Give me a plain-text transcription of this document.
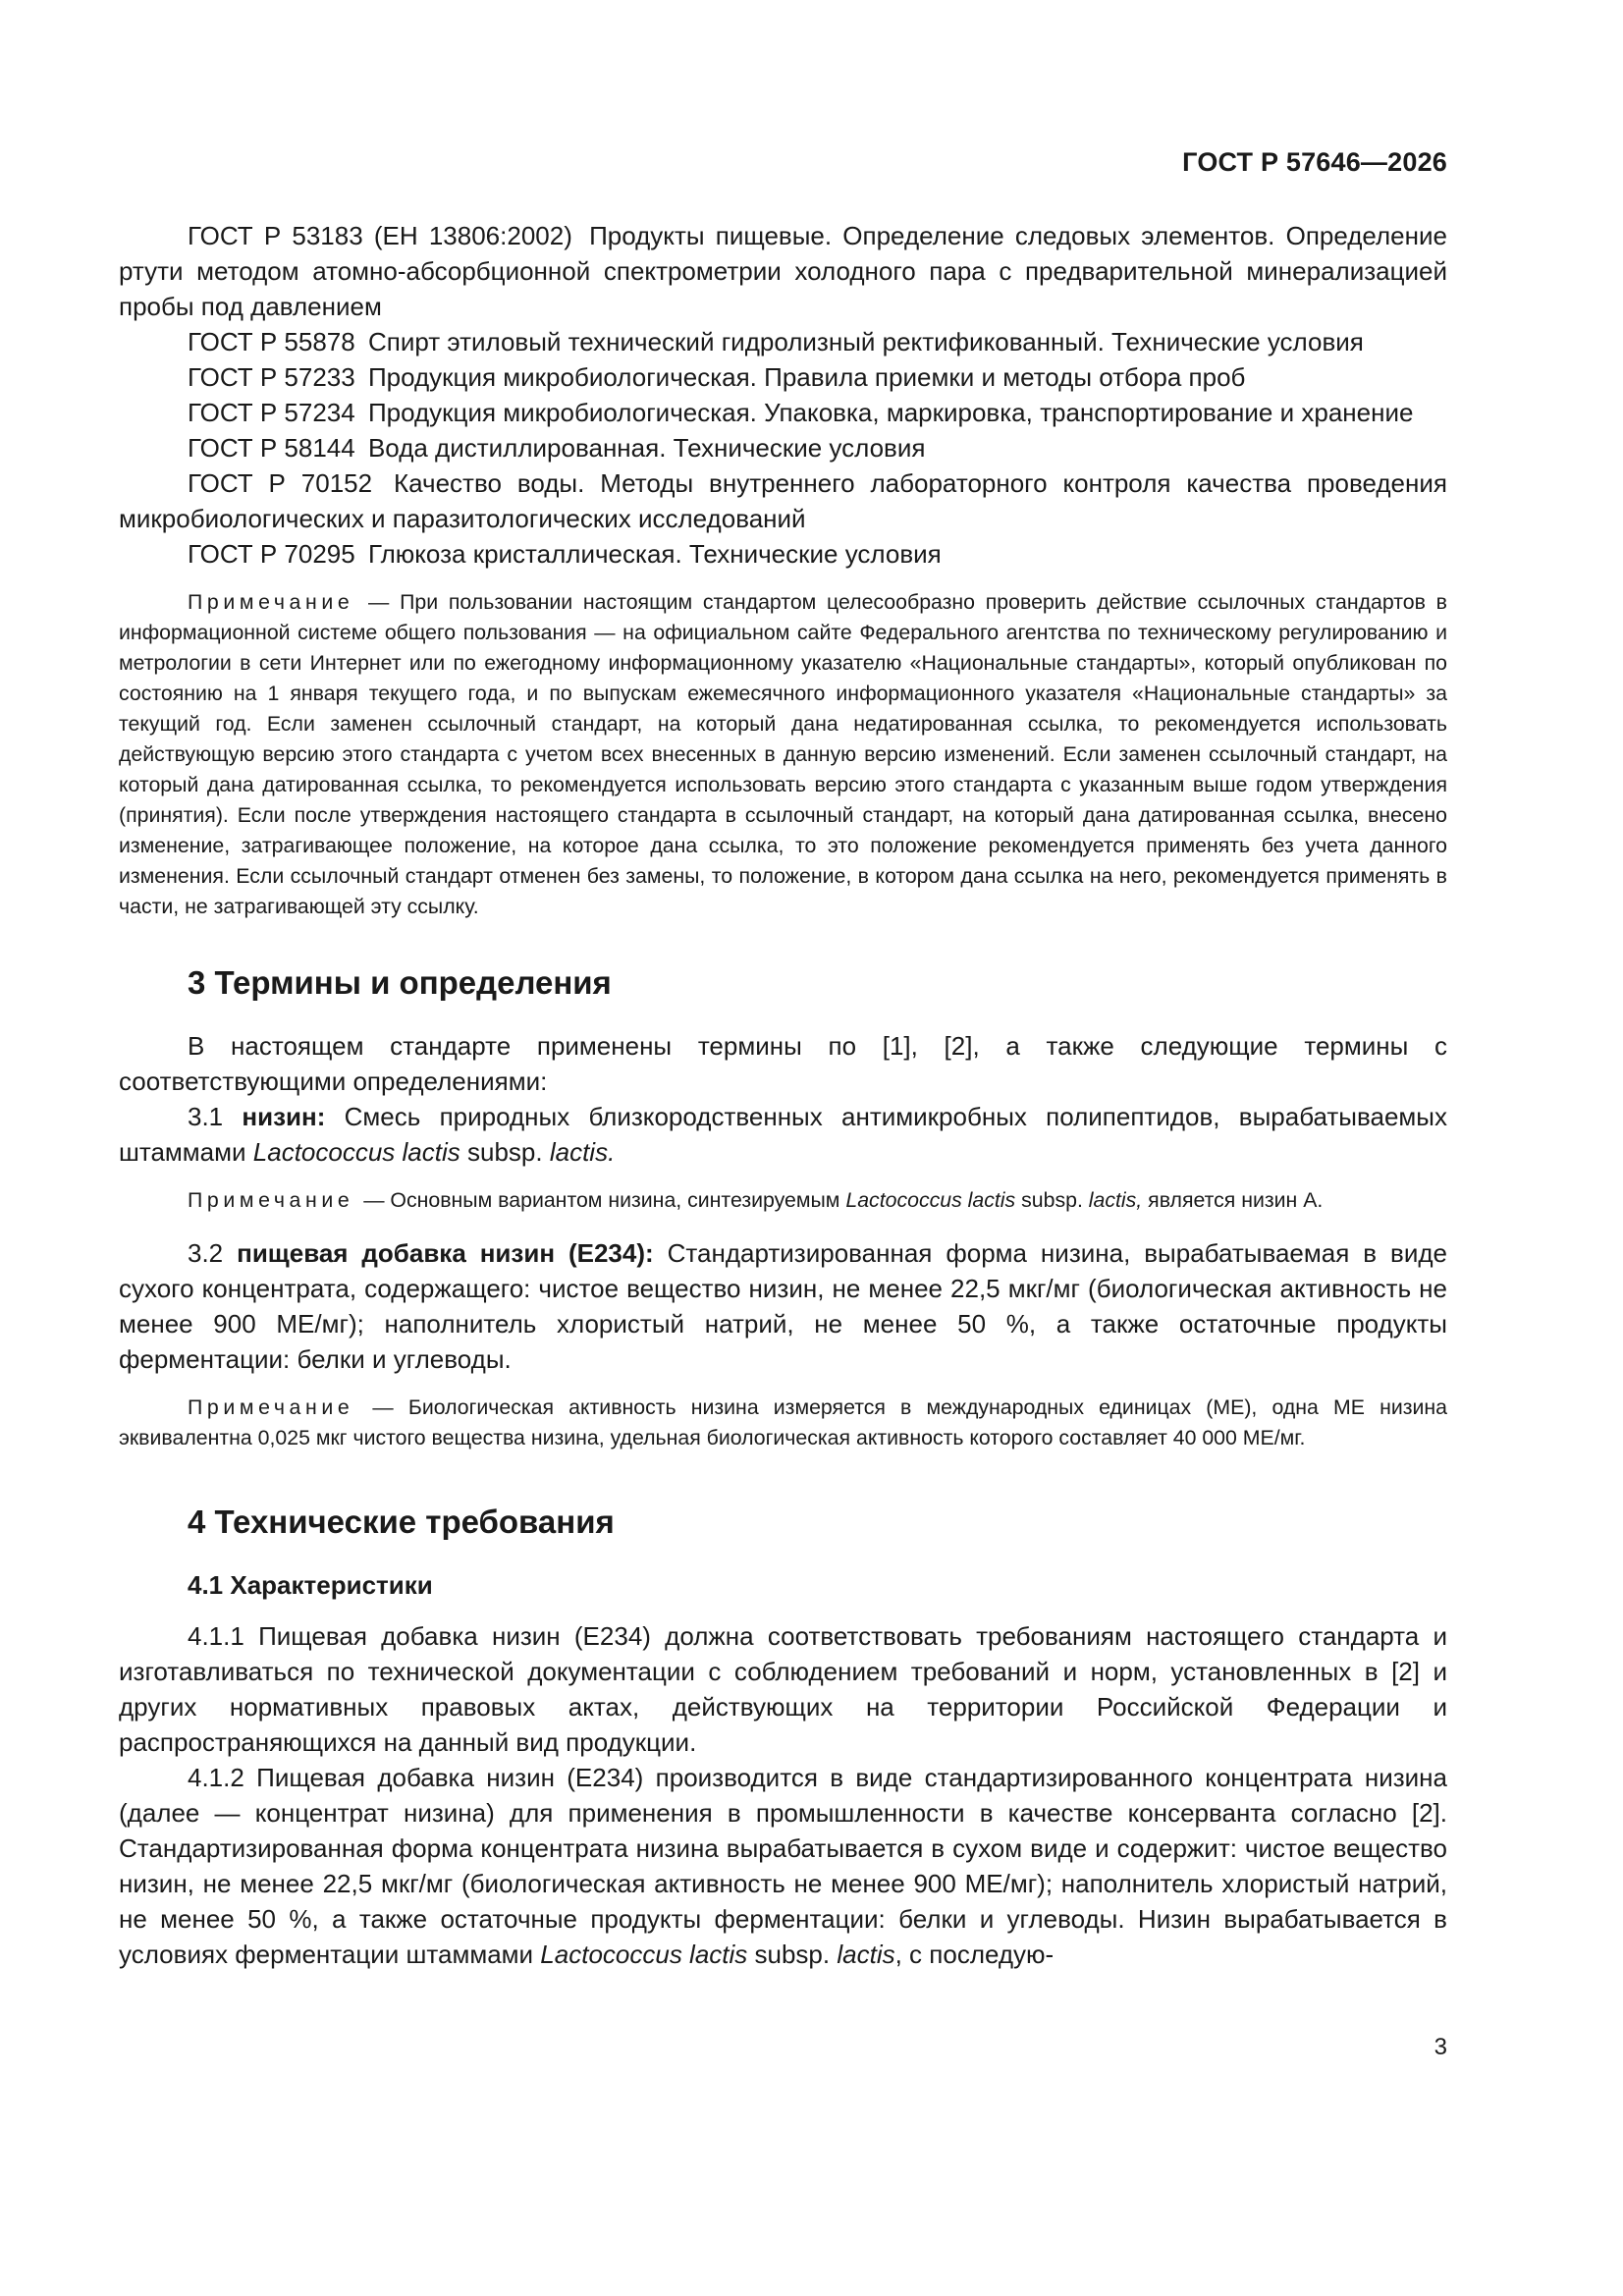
ГОСТ Р 57646—2026

ГОСТ Р 53183 (ЕН 13806:2002) Продукты пищевые. Определение следовых элементов. Определение ртути методом атомно-абсорбционной спектрометрии холодного пара с предварительной минерализацией пробы под давлением

ГОСТ Р 55878 Спирт этиловый технический гидролизный ректификованный. Технические условия

ГОСТ Р 57233 Продукция микробиологическая. Правила приемки и методы отбора проб

ГОСТ Р 57234 Продукция микробиологическая. Упаковка, маркировка, транспортирование и хранение

ГОСТ Р 58144 Вода дистиллированная. Технические условия

ГОСТ Р 70152 Качество воды. Методы внутреннего лабораторного контроля качества проведения микробиологических и паразитологических исследований

ГОСТ Р 70295 Глюкоза кристаллическая. Технические условия

Примечание — При пользовании настоящим стандартом целесообразно проверить действие ссылочных стандартов в информационной системе общего пользования — на официальном сайте Федерального агентства по техническому регулированию и метрологии в сети Интернет или по ежегодному информационному указателю «Национальные стандарты», который опубликован по состоянию на 1 января текущего года, и по выпускам ежемесячного информационного указателя «Национальные стандарты» за текущий год. Если заменен ссылочный стандарт, на который дана недатированная ссылка, то рекомендуется использовать действующую версию этого стандарта с учетом всех внесенных в данную версию изменений. Если заменен ссылочный стандарт, на который дана датированная ссылка, то рекомендуется использовать версию этого стандарта с указанным выше годом утверждения (принятия). Если после утверждения настоящего стандарта в ссылочный стандарт, на который дана датированная ссылка, внесено изменение, затрагивающее положение, на которое дана ссылка, то это положение рекомендуется применять без учета данного изменения. Если ссылочный стандарт отменен без замены, то положение, в котором дана ссылка на него, рекомендуется применять в части, не затрагивающей эту ссылку.

3 Термины и определения

В настоящем стандарте применены термины по [1], [2], а также следующие термины с соответствующими определениями:

3.1 низин: Смесь природных близкородственных антимикробных полипептидов, вырабатываемых штаммами Lactococcus lactis subsp. lactis.

Примечание — Основным вариантом низина, синтезируемым Lactococcus lactis subsp. lactis, является низин А.

3.2 пищевая добавка низин (Е234): Стандартизированная форма низина, вырабатываемая в виде сухого концентрата, содержащего: чистое вещество низин, не менее 22,5 мкг/мг (биологическая активность не менее 900 МЕ/мг); наполнитель хлористый натрий, не менее 50 %, а также остаточные продукты ферментации: белки и углеводы.

Примечание — Биологическая активность низина измеряется в международных единицах (МЕ), одна МЕ низина эквивалентна 0,025 мкг чистого вещества низина, удельная биологическая активность которого составляет 40 000 МЕ/мг.

4 Технические требования
4.1 Характеристики

4.1.1 Пищевая добавка низин (Е234) должна соответствовать требованиям настоящего стандарта и изготавливаться по технической документации с соблюдением требований и норм, установленных в [2] и других нормативных правовых актах, действующих на территории Российской Федерации и распространяющихся на данный вид продукции.

4.1.2 Пищевая добавка низин (Е234) производится в виде стандартизированного концентрата низина (далее — концентрат низина) для применения в промышленности в качестве консерванта согласно [2]. Стандартизированная форма концентрата низина вырабатывается в сухом виде и содержит: чистое вещество низин, не менее 22,5 мкг/мг (биологическая активность не менее 900 МЕ/мг); наполнитель хлористый натрий, не менее 50 %, а также остаточные продукты ферментации: белки и углеводы. Низин вырабатывается в условиях ферментации штаммами Lactococcus lactis subsp. lactis, с последую-

3
